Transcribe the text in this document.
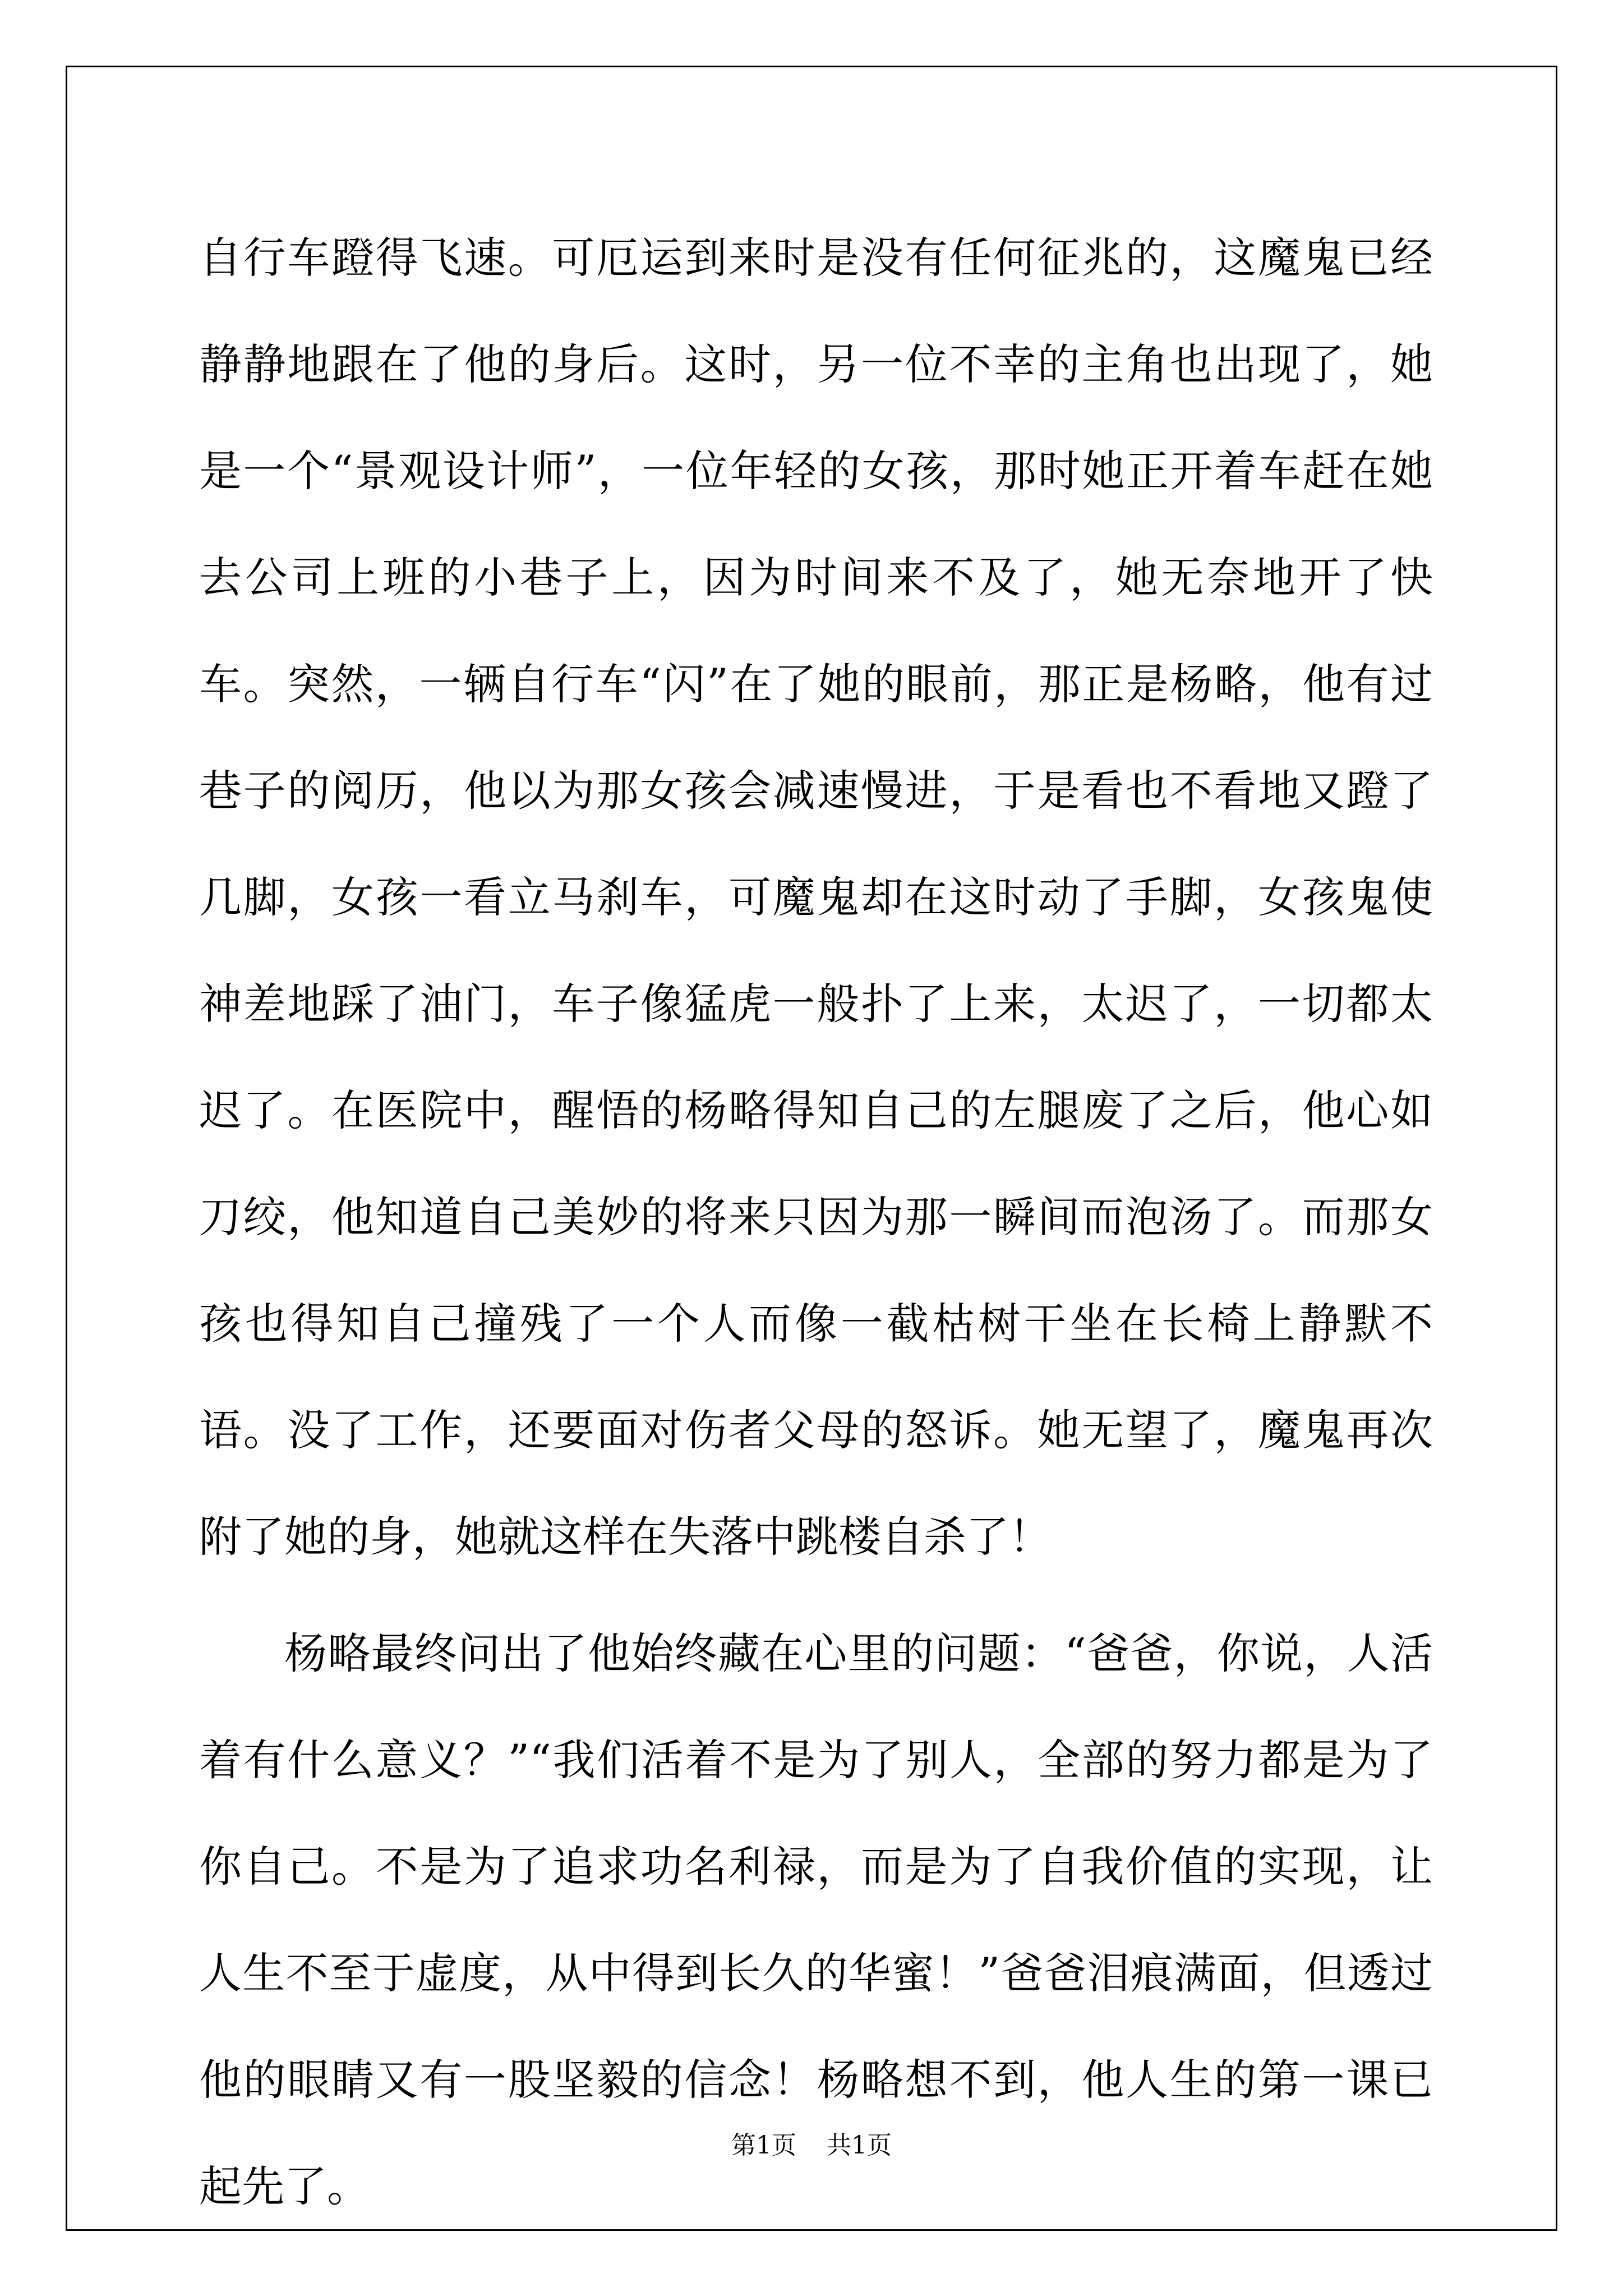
自行车蹬得飞速。可厄运到来时是没有任何征兆的，这魔鬼已经静静地跟在了他的身后。这时，另一位不幸的主角也出现了，她是一个“景观设计师”，一位年轻的女孩，那时她正开着车赶在她去公司上班的小巷子上，因为时间来不及了，她无奈地开了快车。突然，一辆自行车“闪”在了她的眼前，那正是杨略，他有过巷子的阅历，他以为那女孩会减速慢进，于是看也不看地又蹬了几脚，女孩一看立马刹车，可魔鬼却在这时动了手脚，女孩鬼使神差地踩了油门，车子像猛虎一般扑了上来，太迟了，一切都太迟了。在医院中，醒悟的杨略得知自己的左腿废了之后，他心如刀绞，他知道自己美妙的将来只因为那一瞬间而泡汤了。而那女孩也得知自己撞残了一个人而像一截枯树干坐在长椅上静默不语。没了工作，还要面对伤者父母的怒诉。她无望了，魔鬼再次附了她的身，她就这样在失落中跳楼自杀了！

杨略最终问出了他始终藏在心里的问题：“爸爸，你说，人活着有什么意义？”“我们活着不是为了别人，全部的努力都是为了你自己。不是为了追求功名利禄，而是为了自我价值的实现，让人生不至于虚度，从中得到长久的华蜜！”爸爸泪痕满面，但透过他的眼睛又有一股坚毅的信念！杨略想不到，他人生的第一课已起先了。

第1页 共1页
